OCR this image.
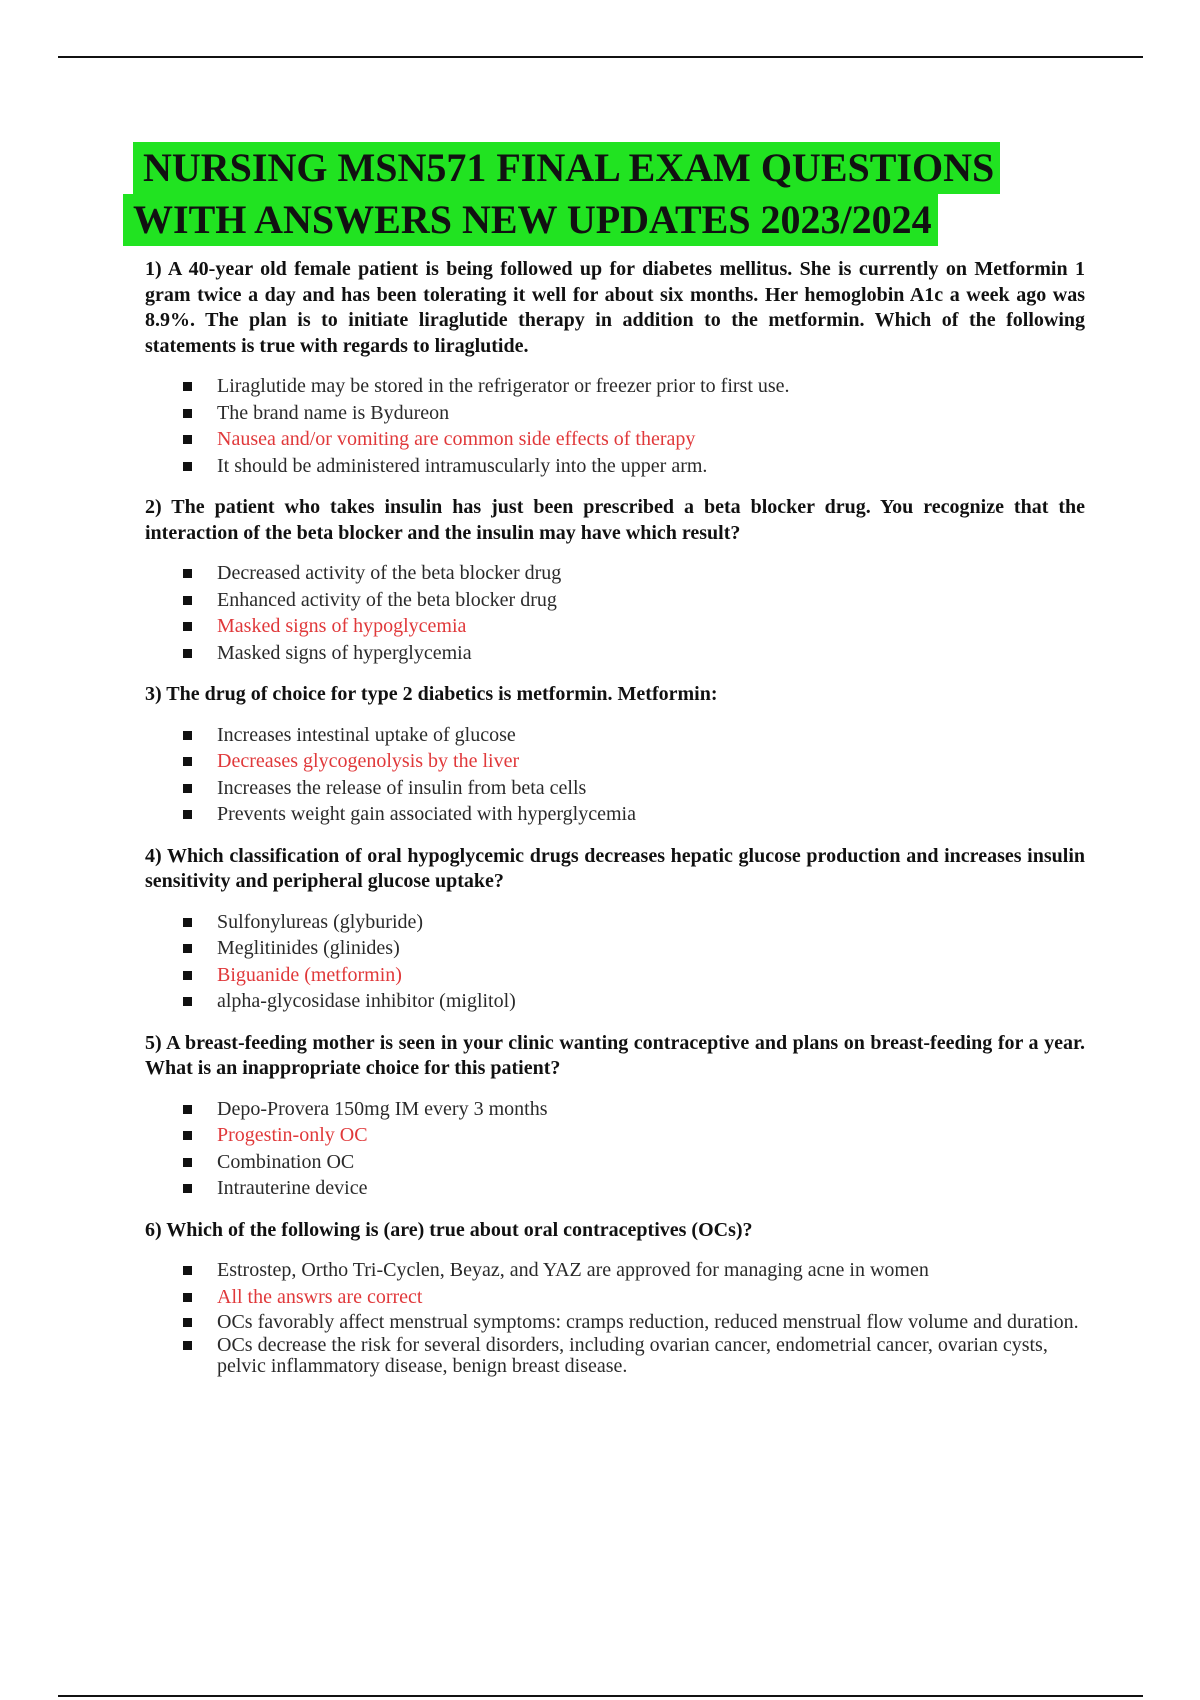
NURSING MSN571 FINAL EXAM QUESTIONS
WITH ANSWERS NEW UPDATES 2023/2024

1) A 40-year old female patient is being followed up for diabetes mellitus. She is currently on Metformin 1 gram twice a day and has been tolerating it well for about six months. Her hemoglobin A1c a week ago was 8.9%. The plan is to initiate liraglutide therapy in addition to the metformin. Which of the following statements is true with regards to liraglutide.

Liraglutide may be stored in the refrigerator or freezer prior to first use.
The brand name is Bydureon
Nausea and/or vomiting are common side effects of therapy
It should be administered intramuscularly into the upper arm.

2) The patient who takes insulin has just been prescribed a beta blocker drug. You recognize that the interaction of the beta blocker and the insulin may have which result?

Decreased activity of the beta blocker drug
Enhanced activity of the beta blocker drug
Masked signs of hypoglycemia
Masked signs of hyperglycemia

3) The drug of choice for type 2 diabetics is metformin. Metformin:

Increases intestinal uptake of glucose
Decreases glycogenolysis by the liver
Increases the release of insulin from beta cells
Prevents weight gain associated with hyperglycemia

4) Which classification of oral hypoglycemic drugs decreases hepatic glucose production and increases insulin sensitivity and peripheral glucose uptake?

Sulfonylureas (glyburide)
Meglitinides (glinides)
Biguanide (metformin)
alpha-glycosidase inhibitor (miglitol)

5) A breast-feeding mother is seen in your clinic wanting contraceptive and plans on breast-feeding for a year. What is an inappropriate choice for this patient?

Depo-Provera 150mg IM every 3 months
Progestin-only OC
Combination OC
Intrauterine device

6) Which of the following is (are) true about oral contraceptives (OCs)?

Estrostep, Ortho Tri-Cyclen, Beyaz, and YAZ are approved for managing acne in women
All the answrs are correct
OCs favorably affect menstrual symptoms: cramps reduction, reduced menstrual flow volume and duration.
OCs decrease the risk for several disorders, including ovarian cancer, endometrial cancer, ovarian cysts, pelvic inflammatory disease, benign breast disease.
